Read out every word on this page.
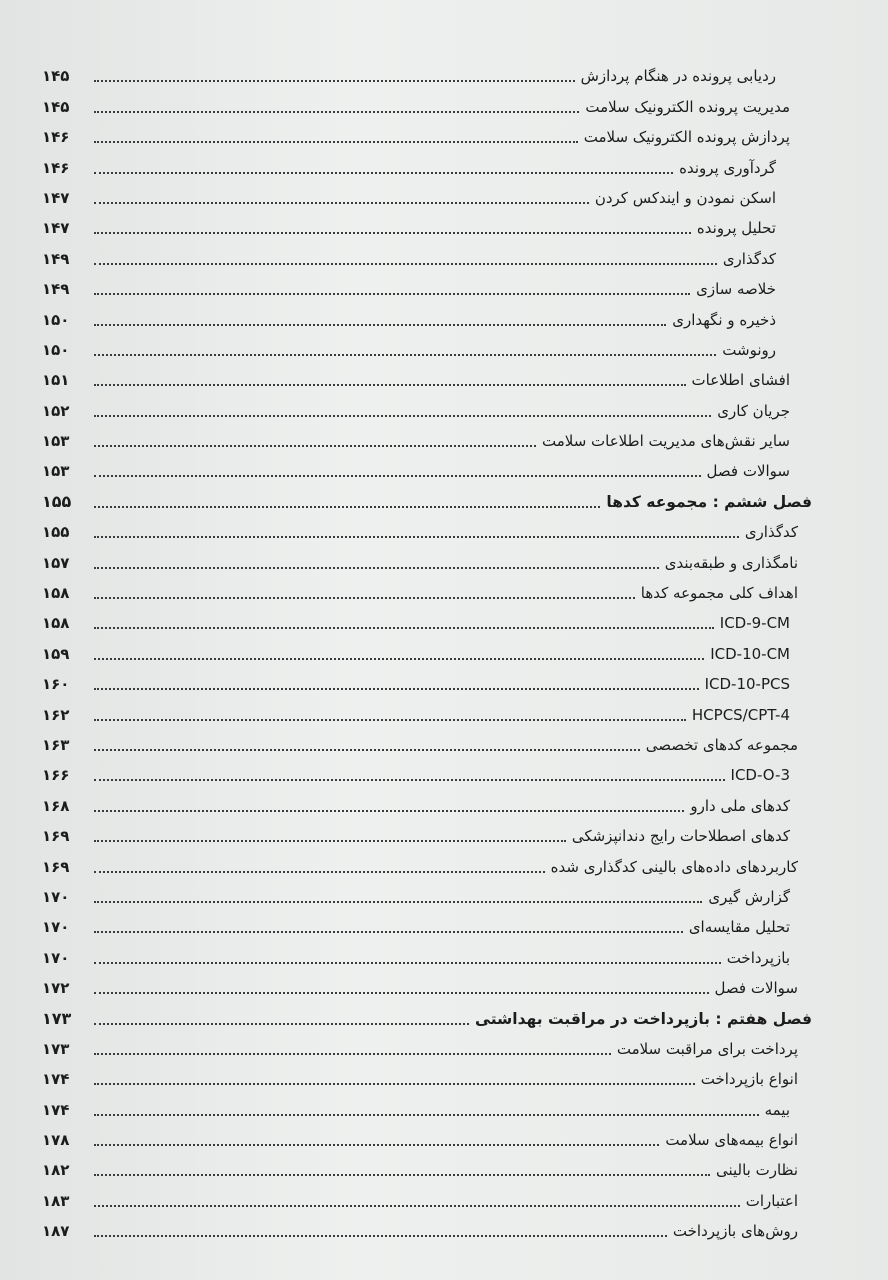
ردیابی پرونده در هنگام پردازش
۱۴۵
مدیریت پرونده الکترونیک سلامت
۱۴۵
پردازش پرونده الکترونیک سلامت
۱۴۶
گردآوری پرونده
۱۴۶
اسکن نمودن و ایندکس کردن
۱۴۷
تحلیل پرونده
۱۴۷
کدگذاری
۱۴۹
خلاصه سازی
۱۴۹
ذخیره و نگهداری
۱۵۰
رونوشت
۱۵۰
افشای اطلاعات
۱۵۱
جریان کاری
۱۵۲
سایر نقش‌های مدیریت اطلاعات سلامت
۱۵۳
سوالات فصل
۱۵۳
فصل ششم : مجموعه کدها
۱۵۵
کدگذاری
۱۵۵
نامگذاری و طبقه‌بندی
۱۵۷
اهداف کلی مجموعه کدها
۱۵۸
ICD-9-CM
۱۵۸
ICD-10-CM
۱۵۹
ICD-10-PCS
۱۶۰
HCPCS/CPT-4
۱۶۲
مجموعه کدهای تخصصی
۱۶۳
ICD-O-3
۱۶۶
کدهای ملی دارو
۱۶۸
کدهای اصطلاحات رایج دندانپزشکی
۱۶۹
کاربردهای داده‌های بالینی کدگذاری شده
۱۶۹
گزارش گیری
۱۷۰
تحلیل مقایسه‌ای
۱۷۰
بازپرداخت
۱۷۰
سوالات فصل
۱۷۲
فصل هفتم : بازپرداخت در مراقبت بهداشتی
۱۷۳
پرداخت برای مراقبت سلامت
۱۷۳
انواع بازپرداخت
۱۷۴
بیمه
۱۷۴
انواع بیمه‌های سلامت
۱۷۸
نظارت بالینی
۱۸۲
اعتبارات
۱۸۳
روش‌های بازپرداخت
۱۸۷
